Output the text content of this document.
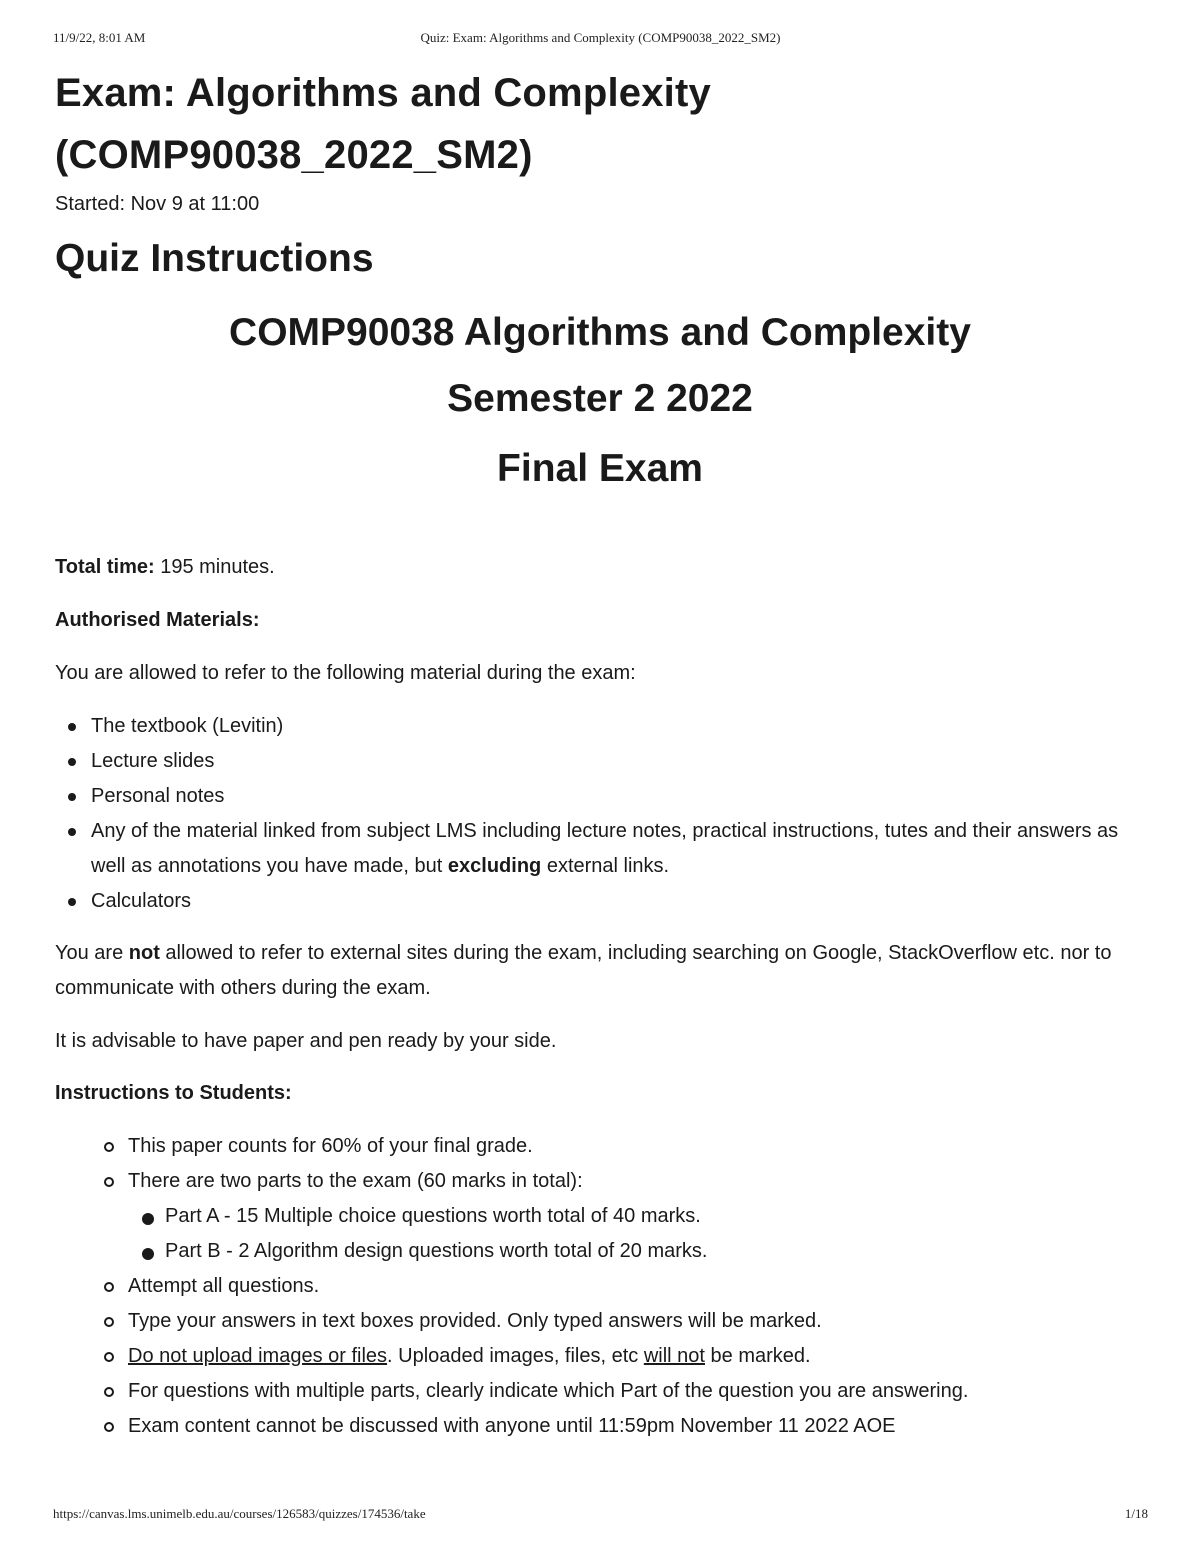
11/9/22, 8:01 AM	Quiz: Exam: Algorithms and Complexity (COMP90038_2022_SM2)
Exam: Algorithms and Complexity
(COMP90038_2022_SM2)
Started: Nov 9 at 11:00
Quiz Instructions
COMP90038 Algorithms and Complexity
Semester 2 2022
Final Exam

Total time: 195 minutes.

Authorised Materials:

You are allowed to refer to the following material during the exam:

The textbook (Levitin)
Lecture slides
Personal notes
Any of the material linked from subject LMS including lecture notes, practical instructions, tutes and their answers as well as annotations you have made, but excluding external links.
Calculators

You are not allowed to refer to external sites during the exam, including searching on Google, StackOverflow etc. nor to communicate with others during the exam.

It is advisable to have paper and pen ready by your side.

Instructions to Students:

This paper counts for 60% of your final grade.
There are two parts to the exam (60 marks in total):
Part A - 15 Multiple choice questions worth total of 40 marks.
Part B - 2 Algorithm design questions worth total of 20 marks.
Attempt all questions.
Type your answers in text boxes provided. Only typed answers will be marked.
Do not upload images or files. Uploaded images, files, etc will not be marked.
For questions with multiple parts, clearly indicate which Part of the question you are answering.
Exam content cannot be discussed with anyone until 11:59pm November 11 2022 AOE
https://canvas.lms.unimelb.edu.au/courses/126583/quizzes/174536/take	1/18
